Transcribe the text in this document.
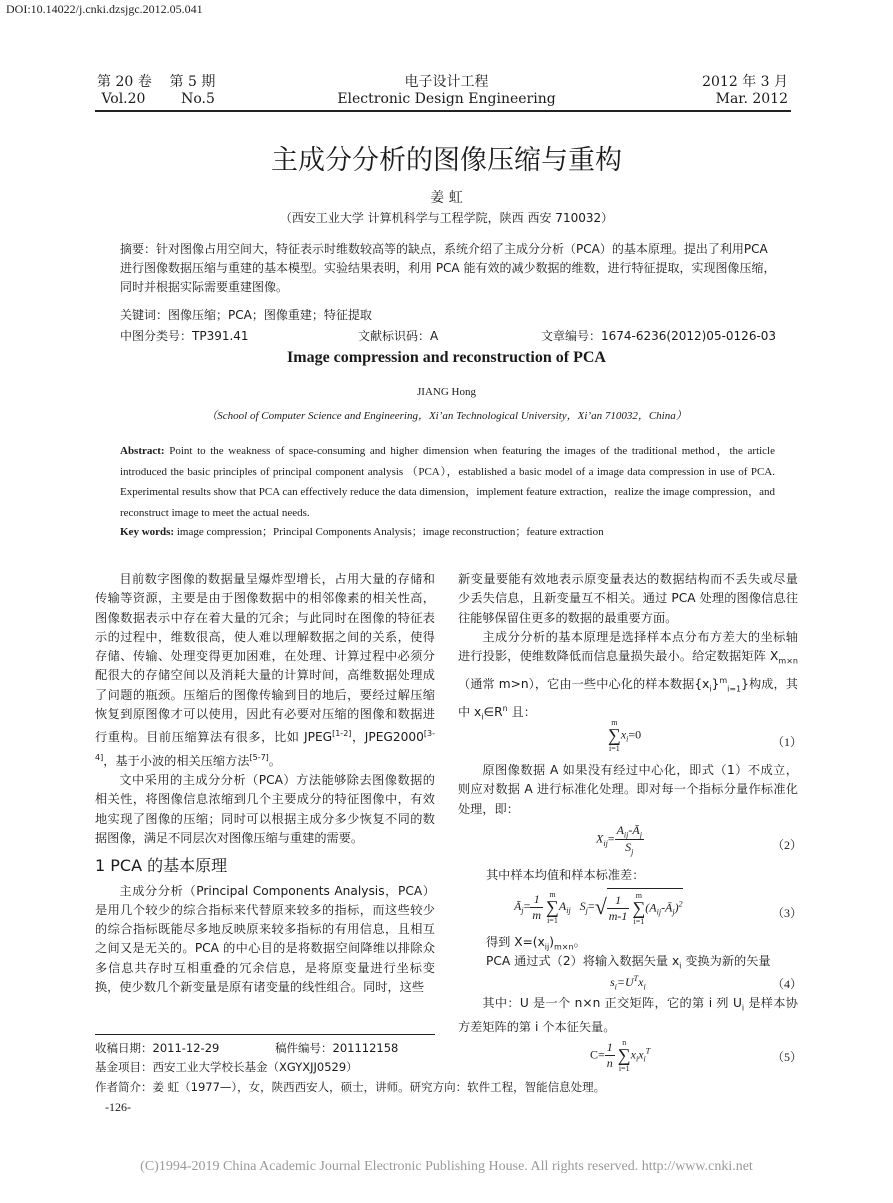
DOI:10.14022/j.cnki.dzsjgc.2012.05.041
第 20 卷 第 5 期
Vol.20	No.5
电子设计工程
Electronic Design Engineering
2012 年 3 月
Mar. 2012
主成分分析的图像压缩与重构
姜 虹
（西安工业大学 计算机科学与工程学院，陕西 西安 710032）
摘要：针对图像占用空间大，特征表示时维数较高等的缺点，系统介绍了主成分分析（PCA）的基本原理。提出了利用PCA 进行图像数据压缩与重建的基本模型。实验结果表明，利用 PCA 能有效的减少数据的维数，进行特征提取，实现图像压缩，同时并根据实际需要重建图像。
关键词：图像压缩；PCA；图像重建；特征提取
中图分类号：TP391.41	文献标识码：A	文章编号：1674-6236(2012)05-0126-03
Image compression and reconstruction of PCA
JIANG Hong
（School of Computer Science and Engineering，Xi’an Technological University，Xi’an 710032，China）
Abstract: Point to the weakness of space-consuming and higher dimension when featuring the images of the traditional method，the article introduced the basic principles of principal component analysis （PCA），established a basic model of a image data compression in use of PCA. Experimental results show that PCA can effectively reduce the data dimension，implement feature extraction，realize the image compression，and reconstruct image to meet the actual needs.
Key words: image compression；Principal Components Analysis；image reconstruction；feature extraction

目前数字图像的数据量呈爆炸型增长，占用大量的存储和传输等资源，主要是由于图像数据中的相邻像素的相关性高，图像数据表示中存在着大量的冗余；与此同时在图像的特征表示的过程中，维数很高，使人难以理解数据之间的关系，使得存储、传输、处理变得更加困难，在处理、计算过程中必须分配很大的存储空间以及消耗大量的计算时间，高维数据处理成了问题的瓶颈。压缩后的图像传输到目的地后，要经过解压缩恢复到原图像才可以使用，因此有必要对压缩的图像和数据进行重构。目前压缩算法有很多，比如 JPEG[1-2]，JPEG2000[3-4]，基于小波的相关压缩方法[5-7]。

文中采用的主成分分析（PCA）方法能够除去图像数据的相关性，将图像信息浓缩到几个主要成分的特征图像中，有效地实现了图像的压缩；同时可以根据主成分多少恢复不同的数据图像，满足不同层次对图像压缩与重建的需要。

1 PCA 的基本原理

主成分分析（Principal Components Analysis，PCA）是用几个较少的综合指标来代替原来较多的指标，而这些较少的综合指标既能尽多地反映原来较多指标的有用信息，且相互之间又是无关的。PCA 的中心目的是将数据空间降维以排除众多信息共存时互相重叠的冗余信息，是将原变量进行坐标变换，使少数几个新变量是原有诸变量的线性组合。同时，这些

新变量要能有效地表示原变量表达的数据结构而不丢失或尽量少丢失信息，且新变量互不相关。通过 PCA 处理的图像信息往往能够保留住更多的数据的最重要方面。

主成分分析的基本原理是选择样本点分布方差大的坐标轴进行投影，使维数降低而信息量损失最小。给定数据矩阵 $X_{m\times n}$（通常 m>n），它由一些中心化的样本数据$\{x_i\}^m_{i=1}$}构成，其中 $x_i\in R^n$ 且：

m
∑
i=1
$x_i=0$
（1）

原图像数据 A 如果没有经过中心化，即式（1）不成立，则应对数据 A 进行标准化处理。即对每一个指标分量作标准化处理，即：

$X_{ij}= \frac{A_{ij}-Ā_j}{S_j}$	（2）
其中样本均值和样本标准差：
$Ā_j= \frac{1}{m}$
m
∑
i=1
$A_{ij}$ $S_j=√ \frac{1}{m-1}$
m
∑
i=1
$(A_{ij}-Ā_j)^2$
（3）
得到 $X=(x_{ij})_{m\times n}$。
PCA 通过式（2）将输入数据矢量 $x_i$ 变换为新的矢量
$s_i=U^Tx_i$	（4）

其中：U 是一个 n×n 正交矩阵，它的第 i 列 $U_i$ 是样本协方差矩阵的第 i 个本征矢量。

$C= \frac{1}{n}$
n
∑
i=1
$x_ix_i^T$	（5）
收稿日期：2011-12-29	稿件编号：201112158
基金项目：西安工业大学校长基金（XGYXJJ0529）
作者简介：姜 虹（1977—），女，陕西西安人，硕士，讲师。研究方向：软件工程，智能信息处理。
-126-
(C)1994-2019 China Academic Journal Electronic Publishing House. All rights reserved. http://www.cnki.net
